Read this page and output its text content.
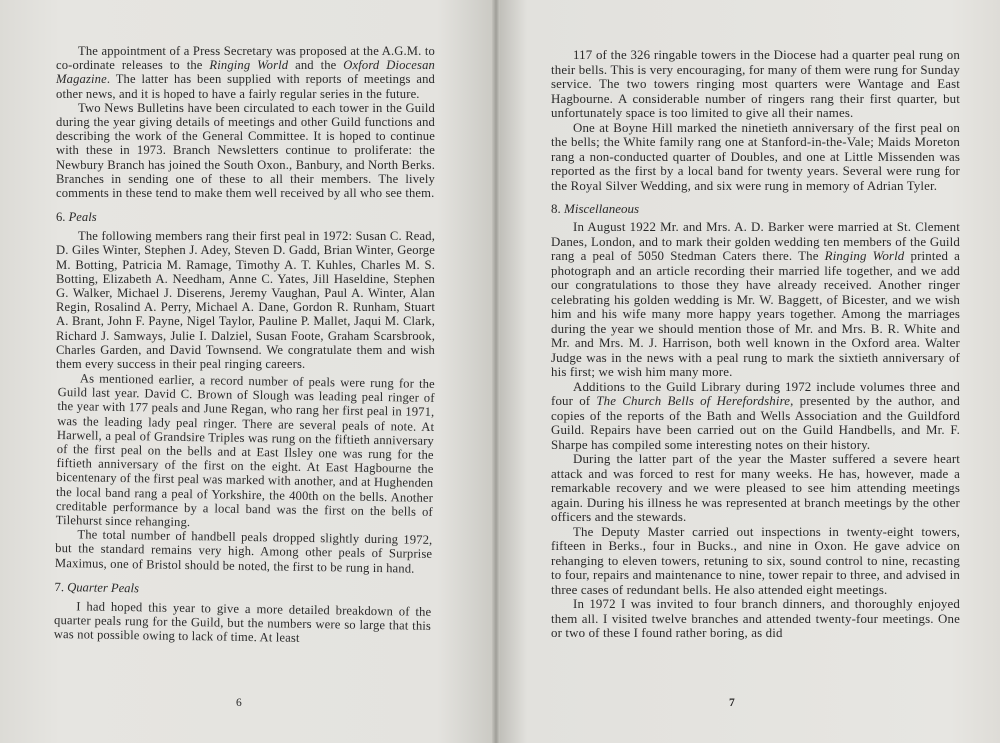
The appointment of a Press Secretary was proposed at the A.G.M. to co-ordinate releases to the Ringing World and the Oxford Diocesan Magazine. The latter has been supplied with reports of meetings and other news, and it is hoped to have a fairly regular series in the future.

Two News Bulletins have been circulated to each tower in the Guild during the year giving details of meetings and other Guild functions and describing the work of the General Committee. It is hoped to continue with these in 1973. Branch Newsletters continue to proliferate: the Newbury Branch has joined the South Oxon., Banbury, and North Berks. Branches in sending one of these to all their members. The lively comments in these tend to make them well received by all who see them.

6. Peals

The following members rang their first peal in 1972: Susan C. Read, D. Giles Winter, Stephen J. Adey, Steven D. Gadd, Brian Winter, George M. Botting, Patricia M. Ramage, Timothy A. T. Kuhles, Charles M. S. Botting, Elizabeth A. Needham, Anne C. Yates, Jill Haseldine, Stephen G. Walker, Michael J. Diserens, Jeremy Vaughan, Paul A. Winter, Alan Regin, Rosalind A. Perry, Michael A. Dane, Gordon R. Runham, Stuart A. Brant, John F. Payne, Nigel Taylor, Pauline P. Mallet, Jaqui M. Clark, Richard J. Samways, Julie I. Dalziel, Susan Foote, Graham Scarsbrook, Charles Garden, and David Townsend. We congratulate them and wish them every success in their peal ringing careers.

As mentioned earlier, a record number of peals were rung for the Guild last year. David C. Brown of Slough was leading peal ringer of the year with 177 peals and June Regan, who rang her first peal in 1971, was the leading lady peal ringer. There are several peals of note. At Harwell, a peal of Grandsire Triples was rung on the fiftieth anniversary of the first peal on the bells and at East Ilsley one was rung for the fiftieth anniversary of the first on the eight. At East Hagbourne the bicentenary of the first peal was marked with another, and at Hughenden the local band rang a peal of Yorkshire, the 400th on the bells. Another creditable performance by a local band was the first on the bells of Tilehurst since rehanging.

The total number of handbell peals dropped slightly during 1972, but the standard remains very high. Among other peals of Surprise Maximus, one of Bristol should be noted, the first to be rung in hand.

7. Quarter Peals

I had hoped this year to give a more detailed breakdown of the quarter peals rung for the Guild, but the numbers were so large that this was not possible owing to lack of time. At least

6

117 of the 326 ringable towers in the Diocese had a quarter peal rung on their bells. This is very encouraging, for many of them were rung for Sunday service. The two towers ringing most quarters were Wantage and East Hagbourne. A considerable number of ringers rang their first quarter, but unfortunately space is too limited to give all their names.

One at Boyne Hill marked the ninetieth anniversary of the first peal on the bells; the White family rang one at Stanford-in-the-Vale; Maids Moreton rang a non-conducted quarter of Doubles, and one at Little Missenden was reported as the first by a local band for twenty years. Several were rung for the Royal Silver Wedding, and six were rung in memory of Adrian Tyler.

8. Miscellaneous

In August 1922 Mr. and Mrs. A. D. Barker were married at St. Clement Danes, London, and to mark their golden wedding ten members of the Guild rang a peal of 5050 Stedman Caters there. The Ringing World printed a photograph and an article recording their married life together, and we add our congratulations to those they have already received. Another ringer celebrating his golden wedding is Mr. W. Baggett, of Bicester, and we wish him and his wife many more happy years together. Among the marriages during the year we should mention those of Mr. and Mrs. B. R. White and Mr. and Mrs. M. J. Harrison, both well known in the Oxford area. Walter Judge was in the news with a peal rung to mark the sixtieth anniversary of his first; we wish him many more.

Additions to the Guild Library during 1972 include volumes three and four of The Church Bells of Herefordshire, presented by the author, and copies of the reports of the Bath and Wells Association and the Guildford Guild. Repairs have been carried out on the Guild Handbells, and Mr. F. Sharpe has compiled some interesting notes on their history.

During the latter part of the year the Master suffered a severe heart attack and was forced to rest for many weeks. He has, however, made a remarkable recovery and we were pleased to see him attending meetings again. During his illness he was represented at branch meetings by the other officers and the stewards.

The Deputy Master carried out inspections in twenty-eight towers, fifteen in Berks., four in Bucks., and nine in Oxon. He gave advice on rehanging to eleven towers, retuning to six, sound control to nine, recasting to four, repairs and maintenance to nine, tower repair to three, and advised in three cases of redundant bells. He also attended eight meetings.

In 1972 I was invited to four branch dinners, and thoroughly enjoyed them all. I visited twelve branches and attended twenty-four meetings. One or two of these I found rather boring, as did

7
